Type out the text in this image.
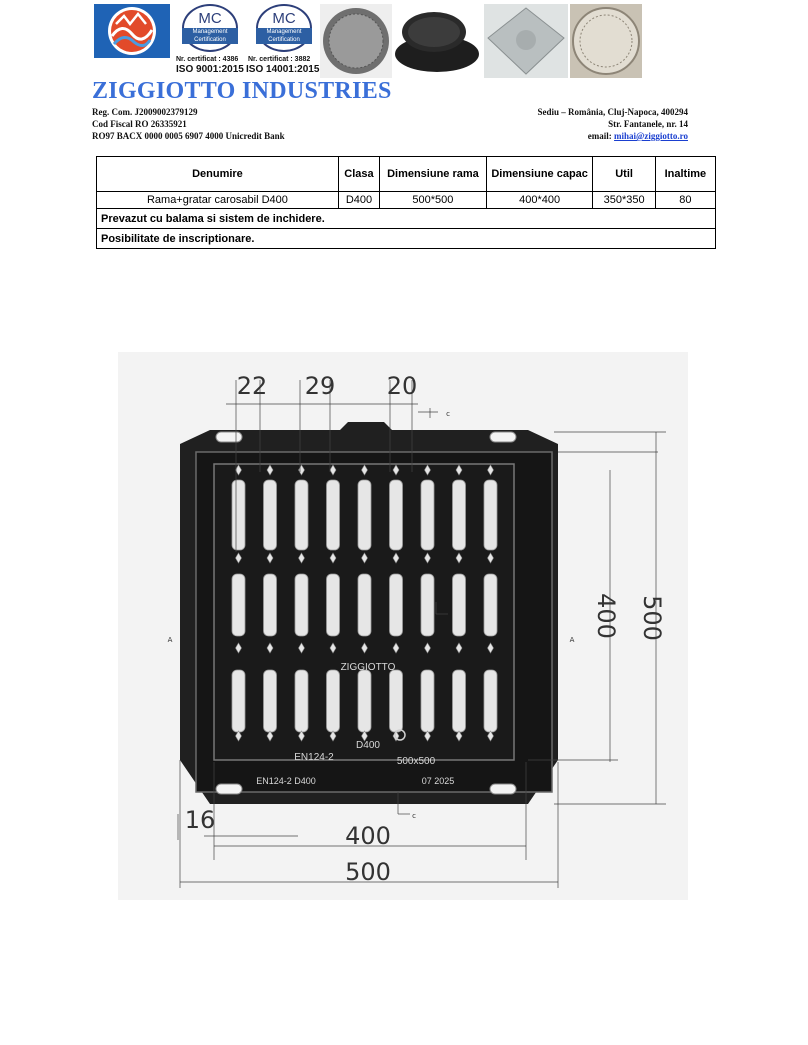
MC
Management Certification
Nr. certificat : 4386
ISO 9001:2015
MC
Management Certification
Nr. certificat : 3882
ISO 14001:2015
ZIGGIOTTO INDUSTRIES
Reg. Com. J2009002379129
Cod Fiscal RO 26335921
RO97 BACX 0000 0005 6907 4000 Unicredit Bank
Sediu – România, Cluj-Napoca, 400294
Str. Fantanele, nr. 14
email: mihai@ziggiotto.ro
Denumire	Clasa	Dimensiune rama	Dimensiune capac	Util	Inaltime
Rama+gratar carosabil D400	D400	500*500	400*400	350*350	80
Prevazut cu balama si sistem de inchidere.					
Posibilitate de inscriptionare.					
ZIGGIOTTO
D400
EN124-2	500x500
EN124-2 D400	07 2025
22 29 20
400 500
16
400
500
c
c
A	A
